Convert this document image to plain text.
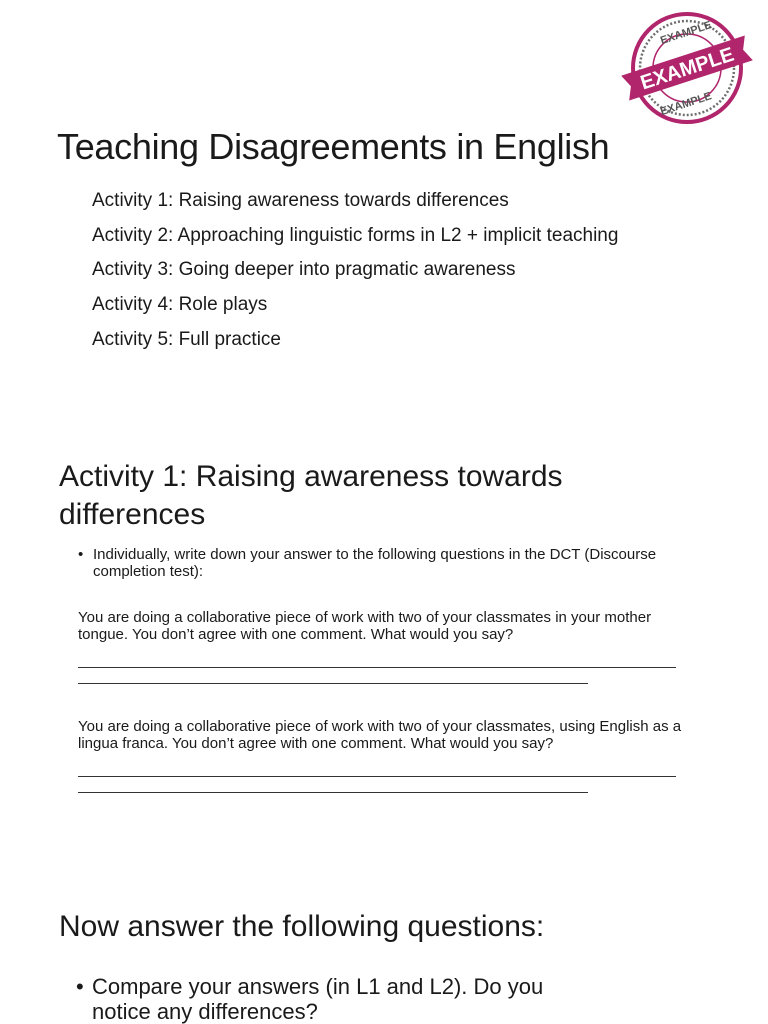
EXAMPLE
EXAMPLE
EXAMPLE
Teaching Disagreements in English
Activity 1: Raising awareness towards differences
Activity 2: Approaching linguistic forms in L2 + implicit teaching
Activity 3: Going deeper into pragmatic awareness
Activity 4: Role plays
Activity 5: Full practice
Activity 1: Raising awareness towards differences
• Individually, write down your answer to the following questions in the DCT (Discourse completion test):
You are doing a collaborative piece of work with two of your classmates in your mother tongue. You don’t agree with one comment. What would you say?
You are doing a collaborative piece of work with two of your classmates, using English as a lingua franca. You don’t agree with one comment. What would you say?
Now answer the following questions:
• Compare your answers (in L1 and L2). Do you notice any differences?
